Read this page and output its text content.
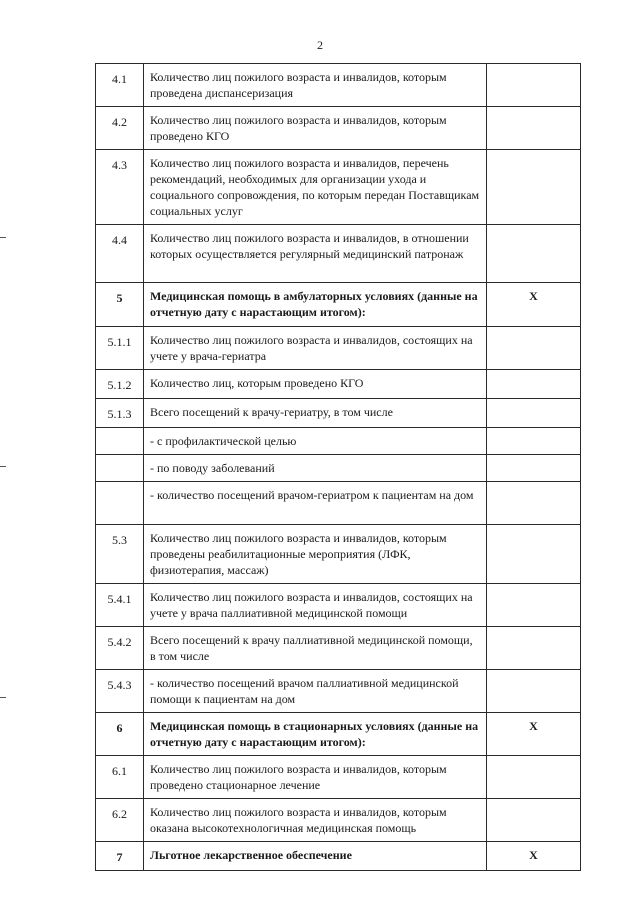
2
4.1	Количество лиц пожилого возраста и инвалидов, которым проведена диспансеризация	
4.2	Количество лиц пожилого возраста и инвалидов, которым проведено КГО	
4.3	Количество лиц пожилого возраста и инвалидов, перечень рекомендаций, необходимых для организации ухода и социального сопровождения, по которым передан Поставщикам социальных услуг	
4.4	Количество лиц пожилого возраста и инвалидов, в отношении которых осуществляется регулярный медицинский патронаж	
5	Медицинская помощь в амбулаторных условиях (данные на отчетную дату с нарастающим итогом):	X
5.1.1	Количество лиц пожилого возраста и инвалидов, состоящих на учете у врача-гериатра	
5.1.2	Количество лиц, которым проведено КГО	
5.1.3	Всего посещений к врачу-гериатру, в том числе	
	- с профилактической целью	
	- по поводу заболеваний	
	- количество посещений врачом-гериатром к пациентам на дом	
5.3	Количество лиц пожилого возраста и инвалидов, которым проведены реабилитационные мероприятия (ЛФК, физиотерапия, массаж)	
5.4.1	Количество лиц пожилого возраста и инвалидов, состоящих на учете у врача паллиативной медицинской помощи	
5.4.2	Всего посещений к врачу паллиативной медицинской помощи, в том числе	
5.4.3	- количество посещений врачом паллиативной медицинской помощи к пациентам на дом	
6	Медицинская помощь в стационарных условиях (данные на отчетную дату с нарастающим итогом):	X
6.1	Количество лиц пожилого возраста и инвалидов, которым проведено стационарное лечение	
6.2	Количество лиц пожилого возраста и инвалидов, которым оказана высокотехнологичная медицинская помощь	
7	Льготное лекарственное обеспечение	X
